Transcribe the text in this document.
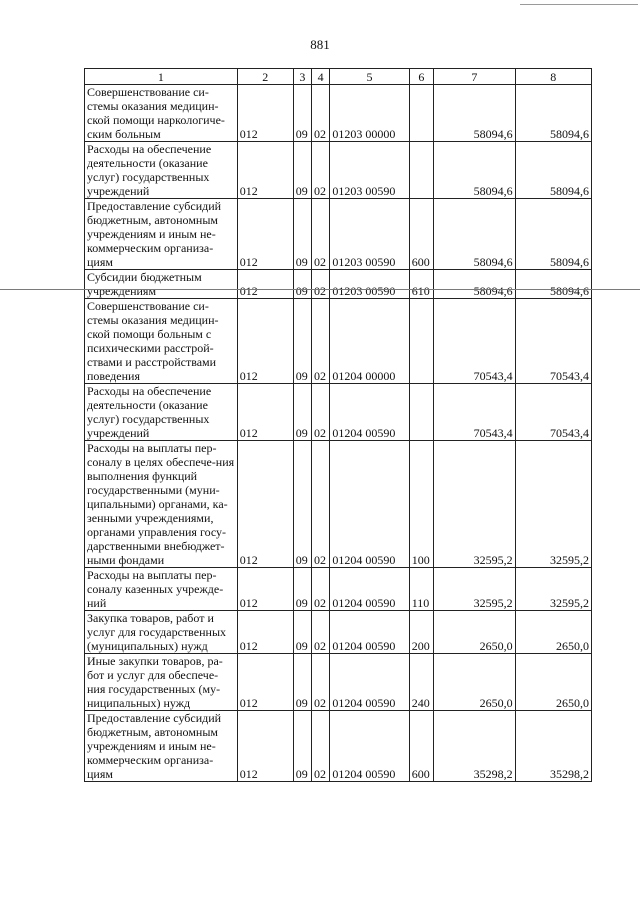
881
1	2	3	4	5	6	7	8
Совершенствование си-стемы оказания медицин-ской помощи наркологиче-ским больным	012	09	02	01203 00000		58094,6	58094,6
Расходы на обеспечение деятельности (оказание услуг) государственных учреждений	012	09	02	01203 00590		58094,6	58094,6
Предоставление субсидий бюджетным, автономным учреждениям и иным не-коммерческим организа-циям	012	09	02	01203 00590	600	58094,6	58094,6
Субсидии бюджетным учреждениям	012	09	02	01203 00590	610	58094,6	58094,6
Совершенствование си-стемы оказания медицин-ской помощи больным с психическими расстрой-ствами и расстройствами поведения	012	09	02	01204 00000		70543,4	70543,4
Расходы на обеспечение деятельности (оказание услуг) государственных учреждений	012	09	02	01204 00590		70543,4	70543,4
Расходы на выплаты пер-соналу в целях обеспече-ния выполнения функций государственными (муни-ципальными) органами, ка-зенными учреждениями, органами управления госу-дарственными внебюджет-ными фондами	012	09	02	01204 00590	100	32595,2	32595,2
Расходы на выплаты пер-соналу казенных учрежде-ний	012	09	02	01204 00590	110	32595,2	32595,2
Закупка товаров, работ и услуг для государственных (муниципальных) нужд	012	09	02	01204 00590	200	2650,0	2650,0
Иные закупки товаров, ра-бот и услуг для обеспече-ния государственных (му-ниципальных) нужд	012	09	02	01204 00590	240	2650,0	2650,0
Предоставление субсидий бюджетным, автономным учреждениям и иным не-коммерческим организа-циям	012	09	02	01204 00590	600	35298,2	35298,2
